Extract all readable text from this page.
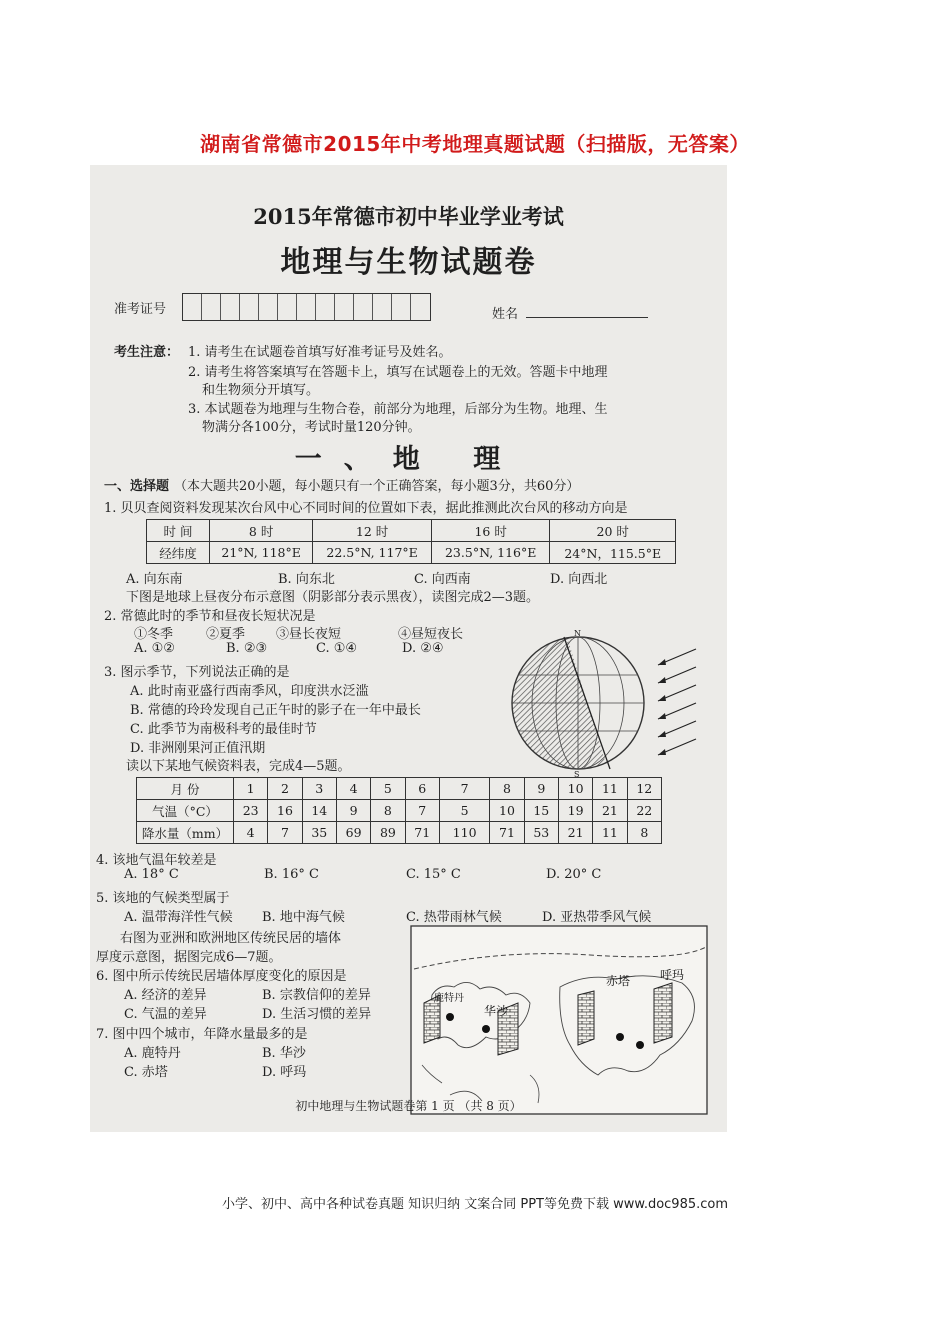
湖南省常德市2015年中考地理真题试题（扫描版，无答案）
2015年常德市初中毕业学业考试
地理与生物试题卷
准考证号	姓名
考生注意： 1. 请考生在试题卷首填写好准考证号及姓名。
2. 请考生将答案填写在答题卡上，填写在试题卷上的无效。答题卡中地理
和生物须分开填写。
3. 本试题卷为地理与生物合卷，前部分为地理，后部分为生物。地理、生
物满分各100分，考试时量120分钟。
一、地 理
一、选择题 （本大题共20小题，每小题只有一个正确答案，每小题3分，共60分）
1. 贝贝查阅资料发现某次台风中心不同时间的位置如下表，据此推测此次台风的移动方向是
时 间	8 时	12 时	16 时	20 时
经纬度	21°N, 118°E	22.5°N, 117°E	23.5°N, 116°E	24°N，115.5°E
A. 向东南	B. 向东北	C. 向西南	D. 向西北
下图是地球上昼夜分布示意图（阴影部分表示黑夜），读图完成2—3题。
2. 常德此时的季节和昼夜长短状况是
①冬季	②夏季 ③昼长夜短	④昼短夜长
A. ①②	B. ②③	C. ①④	D. ②④
3. 图示季节，下列说法正确的是
A. 此时南亚盛行西南季风，印度洪水泛滥
B. 常德的玲玲发现自己正午时的影子在一年中最长
C. 此季节为南极科考的最佳时节
D. 非洲刚果河正值汛期
N
S
读以下某地气候资料表，完成4—5题。
月 份	1	2	3	4	5	6	7	8	9	10	11	12
气温（°C）	23	16	14	9	8	7	5	10	15	19	21	22
降水量（mm）	4	7	35	69	89	71	110	71	53	21	11	8
4. 该地气温年较差是
A. 18° C	B. 16° C	C. 15° C	D. 20° C
5. 该地的气候类型属于
A. 温带海洋性气候 B. 地中海气候	C. 热带雨林气候	D. 亚热带季风气候
右图为亚洲和欧洲地区传统民居的墙体
厚度示意图，据图完成6—7题。
6. 图中所示传统民居墙体厚度变化的原因是
A. 经济的差异	B. 宗教信仰的差异
C. 气温的差异	D. 生活习惯的差异
7. 图中四个城市，年降水量最多的是
A. 鹿特丹	B. 华沙
C. 赤塔	D. 呼玛
鹿特丹
华沙
赤塔 呼玛
初中地理与生物试题卷第 1 页 （共 8 页）
小学、初中、高中各种试卷真题 知识归纳 文案合同 PPT等免费下载 www.doc985.com
